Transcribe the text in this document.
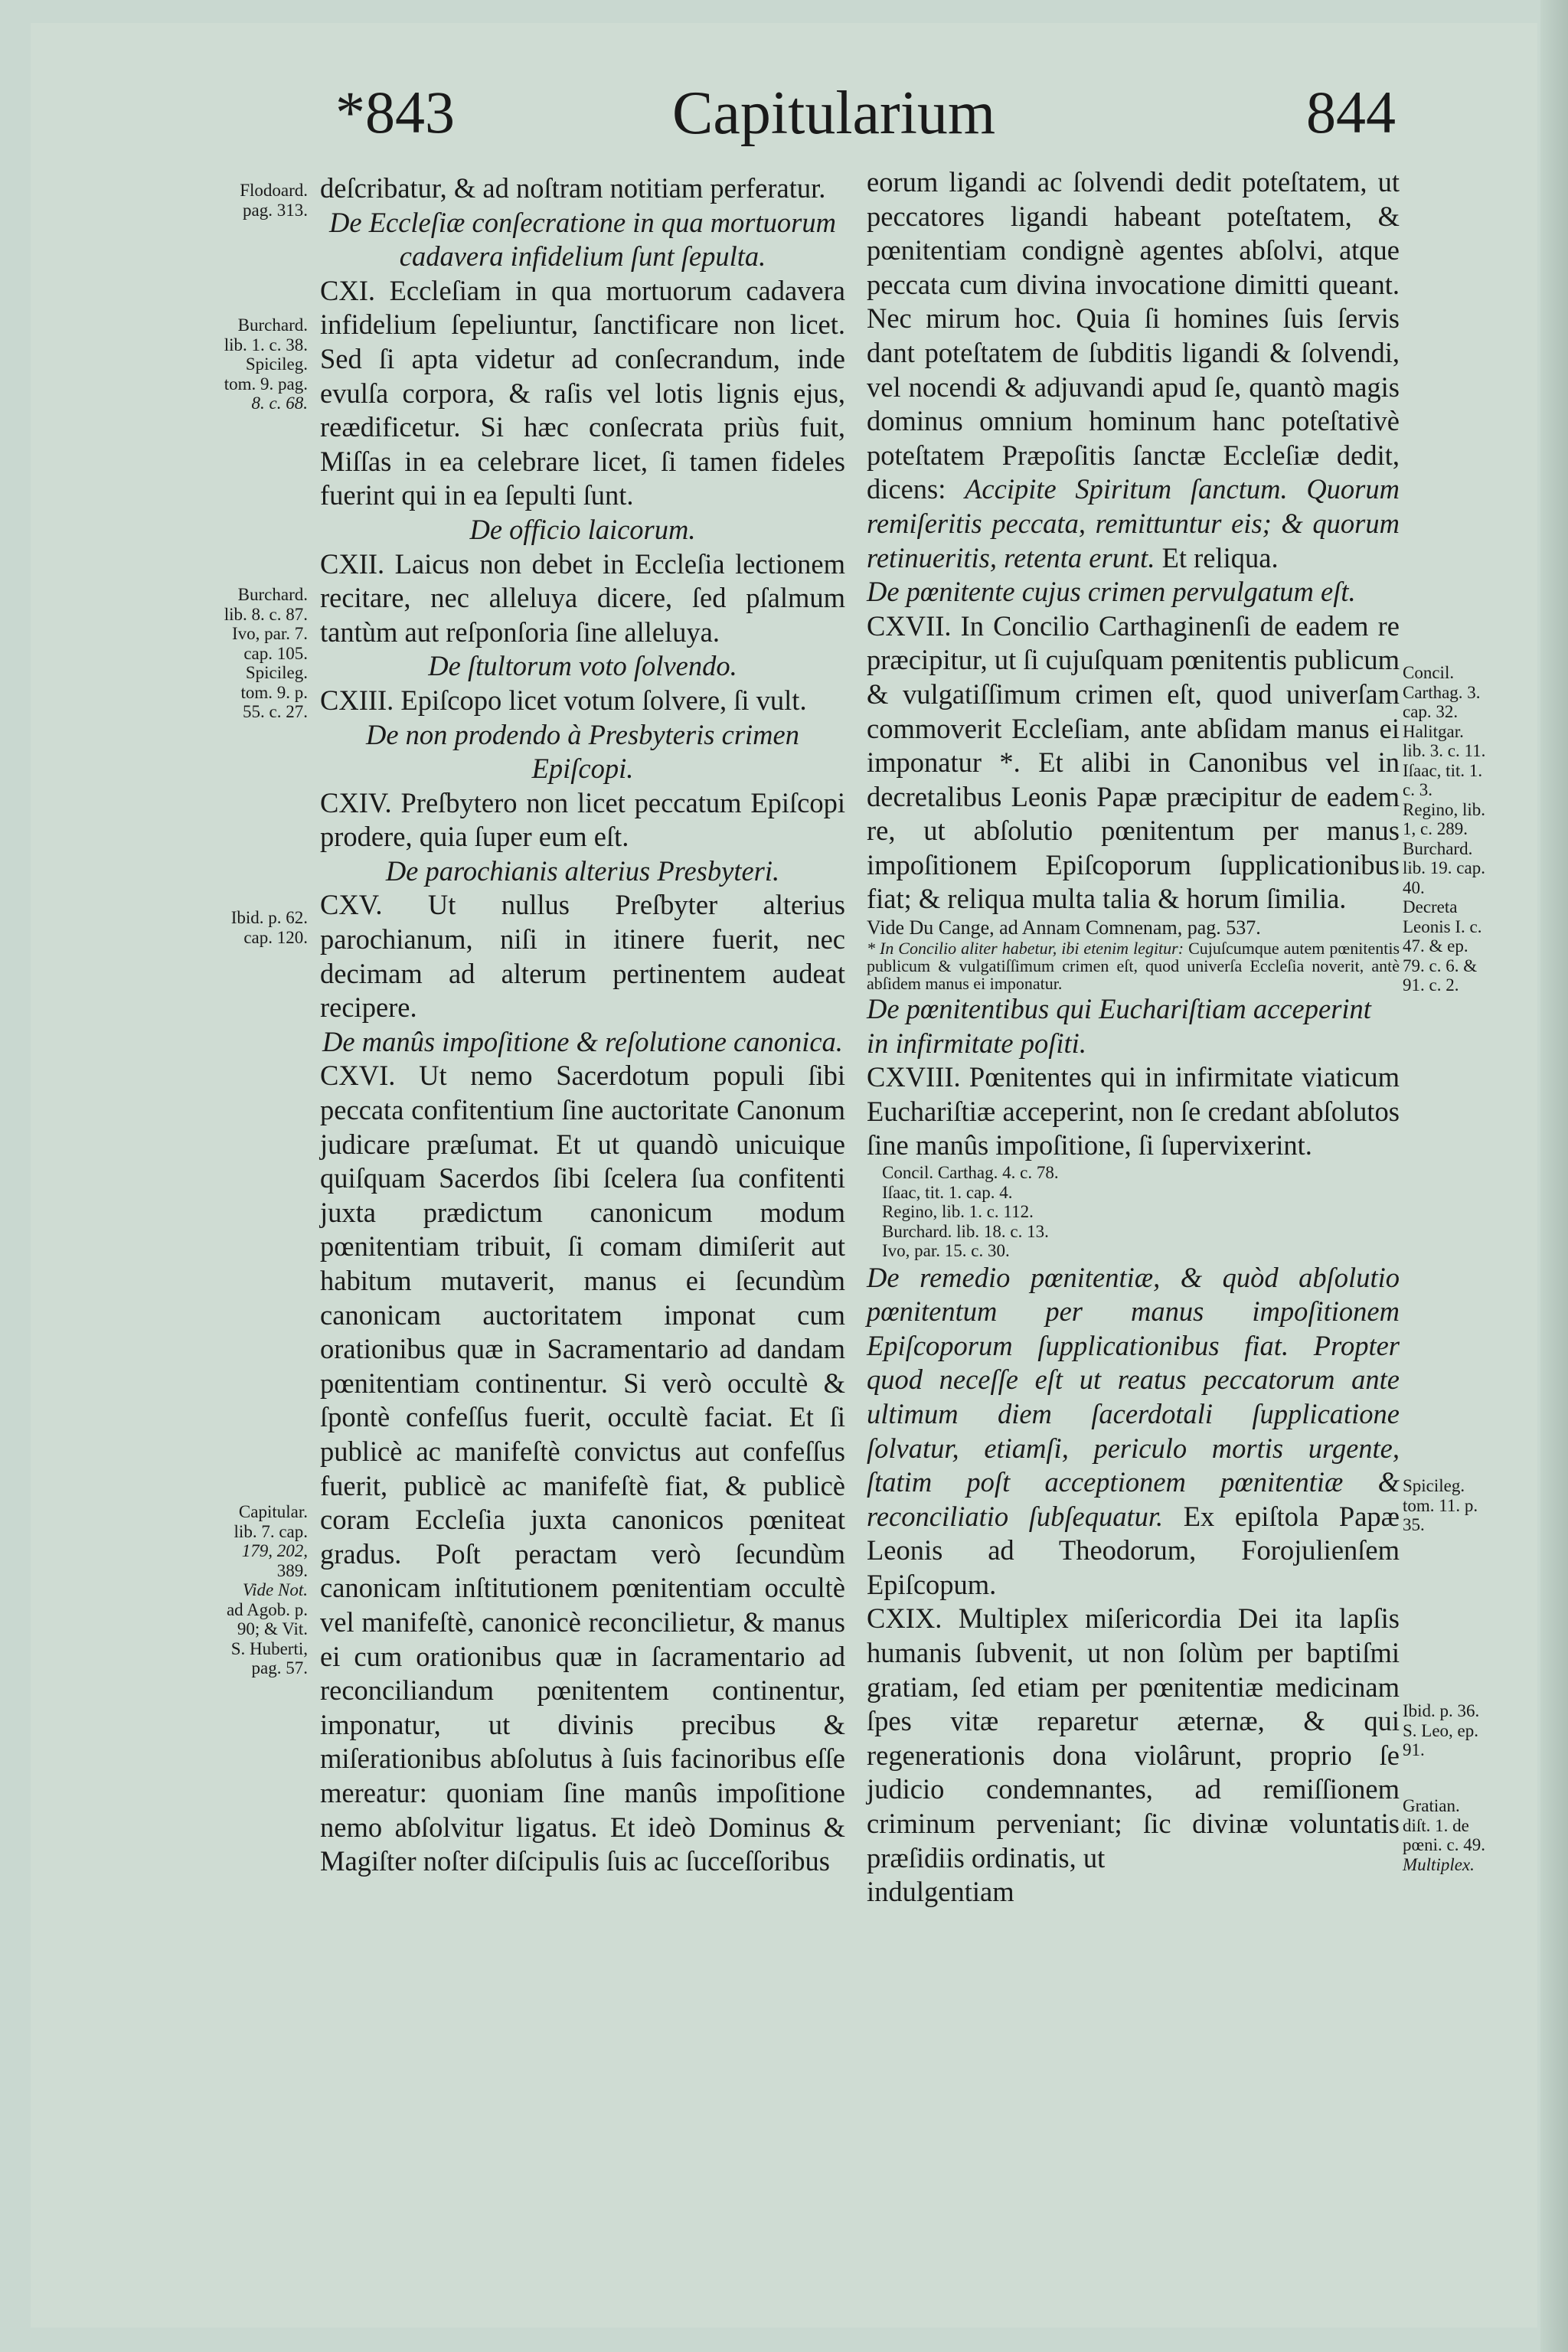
*843	Capitularium	844
Flodoard.
pag. 313.
Burchard.
lib. 1. c. 38.
Spicileg.
tom. 9. pag.
8. c. 68.
Burchard.
lib. 8. c. 87.
Ivo, par. 7.
cap. 105.
Spicileg.
tom. 9. p.
55. c. 27.
Ibid. p. 62.
cap. 120.
Capitular.
lib. 7. cap.
179, 202,
389.
Vide Not.
ad Agob. p.
90; & Vit.
S. Huberti,
pag. 57.

deſcribatur, & ad noſtram notitiam perferatur.

De Eccleſiæ conſecratione in qua mortuorum cadavera infidelium ſunt ſepulta.

CXI. Eccleſiam in qua mortuorum cadavera infidelium ſepeliuntur, ſanctificare non licet. Sed ſi apta videtur ad conſecrandum, inde evulſa corpora, & raſis vel lotis lignis ejus, reædificetur. Si hæc conſecrata priùs fuit, Miſſas in ea celebrare licet, ſi tamen fideles fuerint qui in ea ſepulti ſunt.

De officio laicorum.

CXII. Laicus non debet in Eccleſia lectionem recitare, nec alleluya dicere, ſed pſalmum tantùm aut reſponſoria ſine alleluya.

De ſtultorum voto ſolvendo.

CXIII. Epiſcopo licet votum ſolvere, ſi vult.

De non prodendo à Presbyteris crimen Epiſcopi.

CXIV. Preſbytero non licet peccatum Epiſcopi prodere, quia ſuper eum eſt.

De parochianis alterius Presbyteri.

CXV. Ut nullus Preſbyter alterius parochianum, niſi in itinere fuerit, nec decimam ad alterum pertinentem audeat recipere.

De manûs impoſitione & reſolutione canonica.

CXVI. Ut nemo Sacerdotum populi ſibi peccata confitentium ſine auctoritate Canonum judicare præſumat. Et ut quandò unicuique quiſquam Sacerdos ſibi ſcelera ſua confitenti juxta prædictum canonicum modum pœnitentiam tribuit, ſi comam dimiſerit aut habitum mutaverit, manus ei ſecundùm canonicam auctoritatem imponat cum orationibus quæ in Sacramentario ad dandam pœnitentiam continentur. Si verò occultè & ſpontè confeſſus fuerit, occultè faciat. Et ſi publicè ac manifeſtè convictus aut confeſſus fuerit, publicè ac manifeſtè fiat, & publicè coram Eccleſia juxta canonicos pœniteat gradus. Poſt peractam verò ſecundùm canonicam inſtitutionem pœnitentiam occultè vel manifeſtè, canonicè reconcilietur, & manus ei cum orationibus quæ in ſacramentario ad reconciliandum pœnitentem continentur, imponatur, ut divinis precibus & miſerationibus abſolutus à ſuis facinoribus eſſe mereatur: quoniam ſine manûs impoſitione nemo abſolvitur ligatus. Et ideò Dominus & Magiſter noſter diſcipulis ſuis ac ſucceſſoribus

eorum ligandi ac ſolvendi dedit poteſtatem, ut peccatores ligandi habeant poteſtatem, & pœnitentiam condignè agentes abſolvi, atque peccata cum divina invocatione dimitti queant. Nec mirum hoc. Quia ſi homines ſuis ſervis dant poteſtatem de ſubditis ligandi & ſolvendi, vel nocendi & adjuvandi apud ſe, quantò magis dominus omnium hominum hanc poteſtativè poteſtatem Præpoſitis ſanctæ Eccleſiæ dedit, dicens: Accipite Spiritum ſanctum. Quorum remiſeritis peccata, remittuntur eis; & quorum retinueritis, retenta erunt. Et reliqua.

De pœnitente cujus crimen pervulgatum eſt.

CXVII. In Concilio Carthaginenſi de eadem re præcipitur, ut ſi cujuſquam pœnitentis publicum & vulgatiſſimum crimen eſt, quod univerſam commoverit Eccleſiam, ante abſidam manus ei imponatur *. Et alibi in Canonibus vel in decretalibus Leonis Papæ præcipitur de eadem re, ut abſolutio pœnitentum per manus impoſitionem Epiſcoporum ſupplicationibus fiat; & reliqua multa talia & horum ſimilia.

Vide Du Cange, ad Annam Comnenam, pag. 537.

* In Concilio aliter habetur, ibi etenim legitur: Cujuſcumque autem pœnitentis publicum & vulgatiſſimum crimen eſt, quod univerſa Eccleſia noverit, antè abſidem manus ei imponatur.

De pœnitentibus qui Euchariſtiam acceperint in infirmitate poſiti.

CXVIII. Pœnitentes qui in infirmitate viaticum Euchariſtiæ acceperint, non ſe credant abſolutos ſine manûs impoſitione, ſi ſupervixerint.

Concil. Carthag. 4. c. 78.
Iſaac, tit. 1. cap. 4.
Regino, lib. 1. c. 112.
Burchard. lib. 18. c. 13.
Ivo, par. 15. c. 30.

De remedio pœnitentiæ, & quòd abſolutio pœnitentum per manus impoſitionem Epiſcoporum ſupplicationibus fiat. Propter quod neceſſe eſt ut reatus peccatorum ante ultimum diem ſacerdotali ſupplicatione ſolvatur, etiamſi, periculo mortis urgente, ſtatim poſt acceptionem pœnitentiæ & reconciliatio ſubſequatur. Ex epiſtola Papæ Leonis ad Theodorum, Forojulienſem Epiſcopum.

CXIX. Multiplex miſericordia Dei ita lapſis humanis ſubvenit, ut non ſolùm per baptiſmi gratiam, ſed etiam per pœnitentiæ medicinam ſpes vitæ reparetur æternæ, & qui regenerationis dona violârunt, proprio ſe judicio condemnantes, ad remiſſionem criminum perveniant; ſic divinæ voluntatis præſidiis ordinatis, ut

indulgentiam

Concil.
Carthag. 3.
cap. 32.
Halitgar.
lib. 3. c. 11.
Iſaac, tit. 1.
c. 3.
Regino, lib.
1, c. 289.
Burchard.
lib. 19. cap.
40.
Decreta
Leonis I. c.
47. & ep.
79. c. 6. &
91. c. 2.
Spicileg.
tom. 11. p.
35.
Ibid. p. 36.
S. Leo, ep.
91.
Gratian.
diſt. 1. de
pœni. c. 49.
Multiplex.
